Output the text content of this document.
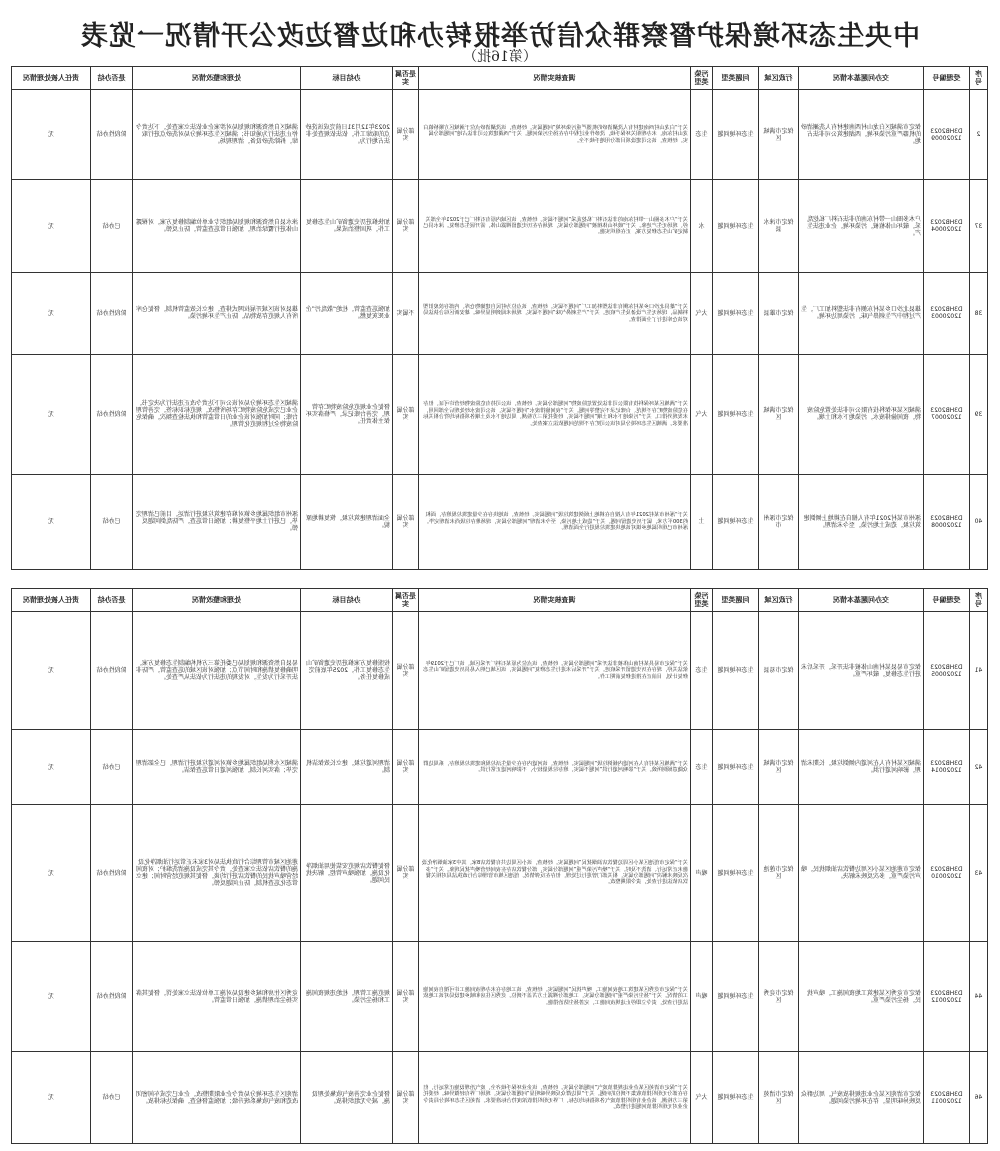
中央生态环境保护督察群众信访举报转办和边督边改公开情况一览表
（第16批）
序号	受理编号	交办问题基本情况	行政区域	问题类型	污染类型	调查核实情况	是否属实	办结目标	处理和整改情况	是否办结	责任人被处理情况
2	D3HB2023
12020009	保定市满城区白龙山村西南建材有人洗涮清砂的机器严重污染环境，西湖建筑公司非法占地。	保定市满城区	生态环境问题	生态	关于“白龙山村西南建材有人洗涮清砂的机器严重污染环境”问题属实。经核查，该洗涮清砂点位于满城区方顺桥镇白龙山村东南，未办理相关环保手续，洗砂作业过程中存在扬尘污染问题。关于“西湖建筑公司非法占地”问题部分属实。经核查，该公司建设项目部分用地手续不全。	部分属实	2023年12月31日前完成该洗砂点的取缔工作，依法依规查处非法占地行为。	满城区自然资源和规划局对涉案企业依法立案查处，下达责令停止违法行为通知书；满城区生态环境分局对洗砂点进行取缔，拆除洗砂设备，清理现场。	阶段性办结	无
37	D3HB2023
12020004	户木多圈山一带村东南的非法石料厂私挖乱采，破坏山体植被，污染环境，企业违法生产。	保定市涞水县	生态环境问题	水	关于“户木多圈山一带村东南的非法石料厂私挖乱采”问题不属实。经核查，该区域内原有石料厂已于2021年全部关停，现场无生产迹象。关于“破坏山体植被”问题部分属实，现场存在历史遗留裸露山体，需开展生态修复。涞水县已制定矿山生态修复方案，正在组织实施。	部分属实	加快推进历史遗留矿山生态修复工作，巩固整治成果。	涞水县自然资源和规划局组织专业单位编制修复方案，对裸露山体进行覆绿治理，加强日常巡查监管，防止反弹。	已办结	无
38	D3HB2023
12020003	雄县北沙口乡某村东侧有非法塑料加工厂，生产过程中产生刺鼻气味，污染周边环境。	保定市雄县	生态环境问题	大气	关于“雄县北沙口乡某村东侧有非法塑料加工厂”问题不属实。经核查，该点位为村民自建储物仓库，内部存放废旧塑料制品，现场无生产设备及生产痕迹。关于“产生刺鼻气味”问题不属实，现场未闻到明显异味。雄安新区综合执法局对该仓库进行了全面排查。	不属实	加强巡查监管，杜绝“散乱污”企业死灰复燃。	雄县对该区域开展拉网式排查，建立长效监管机制，督促仓库所有人规范存放物品，防止产生环境污染。	阶段性办结	无
39	D3HB2023
12020007	满城区某环保科技有限公司非法处置危险废物，夜间偷排废水，污染地下水和土壤。	保定市满城区	生态环境问题	大气	关于“满城区某环保科技有限公司非法处置危险废物”问题部分属实。经核查，该公司持有危险废物经营许可证，但存在危险废物贮存不规范、台账记录不完整等问题。关于“夜间偷排废水”问题不属实，该公司废水经处理后全部回用，未发现外排口。关于“污染地下水和土壤”问题不属实，经委托第三方检测，周边地下水及土壤各项指标均符合相关标准要求。满城区生态环境分局对该公司贮存不规范问题依法立案查处。	部分属实	督促企业规范危险废物贮存管理，完善台账记录，严格落实环保主体责任。	满城区生态环境分局对该公司下达责令改正违法行为决定书，企业已完成危险废物贮存场所整改，规范标识标签，完善管理台账；同时加强对该企业的日常监管和执法检查频次，确保危险废物全过程规范化管理。	阶段性办结	无
40	D3HB2023
12020008	涿州市某村2021年有人擅自在耕地上倾倒建筑垃圾，造成土地污染，至今未清理。	保定市涿州市	生态环境问题	土	关于“涿州市某村2021年有人擅自在耕地上倾倒建筑垃圾”问题属实。经核查，该地块存在少量建筑垃圾堆存，面积约300平方米，属于历史遗留问题。关于“造成土地污染，至今未清理”问题部分属实，现场堆存垃圾尚未清理完毕。涿州市已组织属地乡镇对该地块建筑垃圾进行全面清理。	部分属实	全面清理建筑垃圾，恢复耕地原貌。	涿州市组织属地乡镇对堆存建筑垃圾进行清运，目前已清理完毕，已进行土地平整复耕；加强日常巡查，严防乱倒问题反弹。	已办结	无
序号	受理编号	交办问题基本情况	行政区域	问题类型	污染类型	调查核实情况	是否属实	办结目标	处理和整改情况	是否办结	责任人被处理情况
41	D3HB2023
12020005	保定市易县某村南山体被非法开采，开采后未进行生态修复，破坏严重。	保定市易县	生态环境问题	生态	关于“保定市易县某村南山体被非法开采”问题部分属实。经核查，该点位为原某石料厂开采区域，该厂已于2019年依法关停，现存在历史遗留开采痕迹。关于“开采后未进行生态修复”问题属实，该区域已纳入易县历史遗留矿山生态修复计划，目前正在推进修复前期工作。	部分属实	按照修复方案推进历史遗留矿山生态修复工作，2025年底前完成修复任务。	易县自然资源和规划局已委托第三方机构编制生态修复方案，明确修复措施和时间节点；加强对该区域的巡查监管，严防非法开采行为发生，对发现的违法行为依法从严查处。	阶段性办结	无
42	D3HB2023
12020014	满城区某村有人在河道内倾倒垃圾，长期未清理，影响河道行洪。	保定市满城区	生态环境问题	生态	关于“满城区某村有人在河道内倾倒垃圾”问题属实。经核查，该河道内存在少量生活垃圾和建筑垃圾堆存，系周边群众随意倾倒所致。关于“影响河道行洪”问题不属实，堆存垃圾量较小，不影响河道正常行洪。	部分属实	清理河道垃圾，建立长效保洁机制。	满城区水利局组织属地乡镇对河道垃圾进行清理，已全部清理完毕；落实河长制，加强河道日常巡查保洁。	已办结	无
43	D3HB2023
12020010	保定市莲池区某小区周边餐饮店油烟扰民，噪声污染严重，多次反映未解决。	保定市莲池区	生态环境问题	噪声	关于“保定市莲池区某小区周边餐饮店油烟扰民”问题属实。经核查，该小区周边共有餐饮店8家，其中3家油烟净化设施未正常运行、清洗不及时。关于“噪声污染严重”问题部分属实，部分餐饮店存在夜间经营噪声扰民现象。关于“多次反映未解决”问题部分属实，相关部门曾进行过处理，但存在反弹情况。莲池区城市管理综合行政执法局对相关餐饮店依法进行查处，责令限期整改。	部分属实	督促餐饮店规范安装使用油烟净化设施，加强噪声管控，解决扰民问题。	莲池区城市管理综合行政执法局对3家未正常运行油烟净化设施的餐饮店依法立案查处，责令其完成设施清洗维护；对夜间经营噪声扰民的餐饮店进行约谈，督促其规范经营时间；建立常态化巡查机制，防止问题反弹。	阶段性办结	无
44	D3HB2023
12020012	保定市竞秀区某建筑工地夜间施工，噪声扰民，扬尘污染严重。	保定市竞秀区	生态环境问题	噪声	关于“保定市竞秀区某建筑工地夜间施工，噪声扰民”问题属实。经核查，该工地存在未办理夜间施工许可擅自夜间施工的情况。关于“扬尘污染严重”问题部分属实，工地部分裸露土方苫盖不到位。竞秀区住房和城乡建设局对该工地依法进行查处，责令立即停止违规夜间施工，完善扬尘防治措施。	部分属实	规范施工管理，杜绝违规夜间施工和扬尘污染。	竞秀区住房和城乡建设局对施工单位依法立案处罚，督促其落实扬尘治理措施，加强日常监管。	阶段性办结	无
46	D3HB2023
12020011	保定市清苑区某企业违规排放废气，周边群众反映异味明显，存在环境污染问题。	保定市清苑区	生态环境问题	大气	关于“保定市清苑区某企业违规排放废气”问题部分属实。经核查，该企业环保手续齐全，废气治理设施正常运行，但存在部分无组织排放收集不到位的问题。关于“周边群众反映异味明显”问题部分属实，现场厂界有轻微异味。经委托第三方检测，该企业有组织排放废气各项指标均达标，厂界无组织排放浓度符合标准要求。清苑区生态环境分局责令企业对无组织排放问题进行整改。	部分属实	督促企业完善废气收集处理设施，减少无组织排放。	清苑区生态环境分局责令企业限期整改，企业已完成车间密闭改造和废气收集系统升级；加强监督检查，确保达标排放。	已办结	无
